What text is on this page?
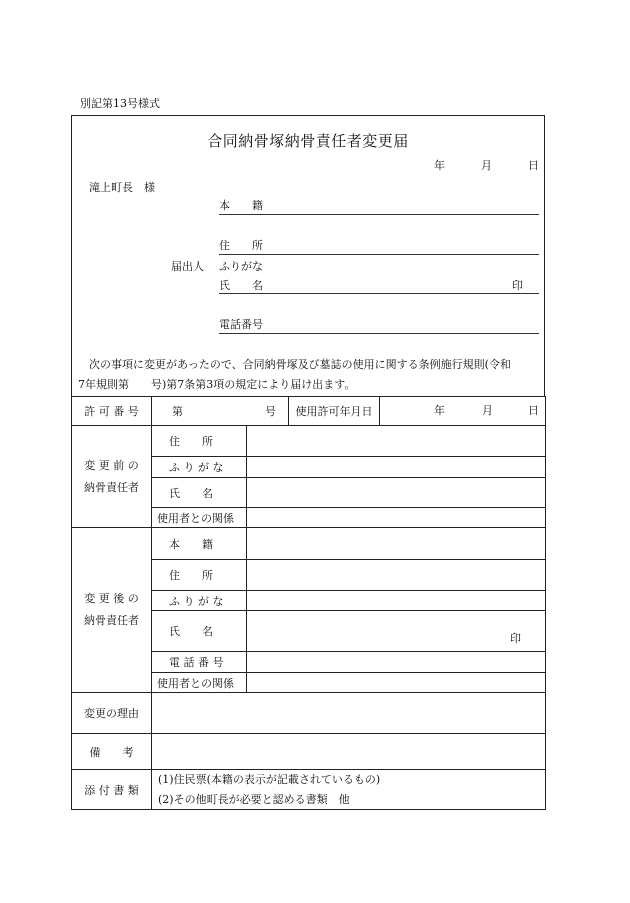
別記第13号様式
合同納骨塚納骨責任者変更届
年	月	日
滝上町長　様
本　　籍
住　　所
届出人 ふりがな
氏　　名	印
電話番号
次の事項に変更があったので、合同納骨塚及び墓誌の使用に関する条例施行規則(令和
7年規則第　　号)第7条第3項の規定により届け出ます。
許 可 番 号	第 号		使用許可年月日	年 月 日

変 更 前 の
納骨責任者	住　　所			
	ふ り が な			
	氏　　名			
	使用者との関係			

変 更 後 の
納骨責任者	本　　籍			
	住　　所			
	ふ り が な			
	氏　　名	印		

	電 話 番 号			
	使用者との関係			
変更の理由				
備　　考				
添 付 書 類	(1)住民票(本籍の表示が記載されているもの)
(2)その他町長が必要と認める書類　他			
